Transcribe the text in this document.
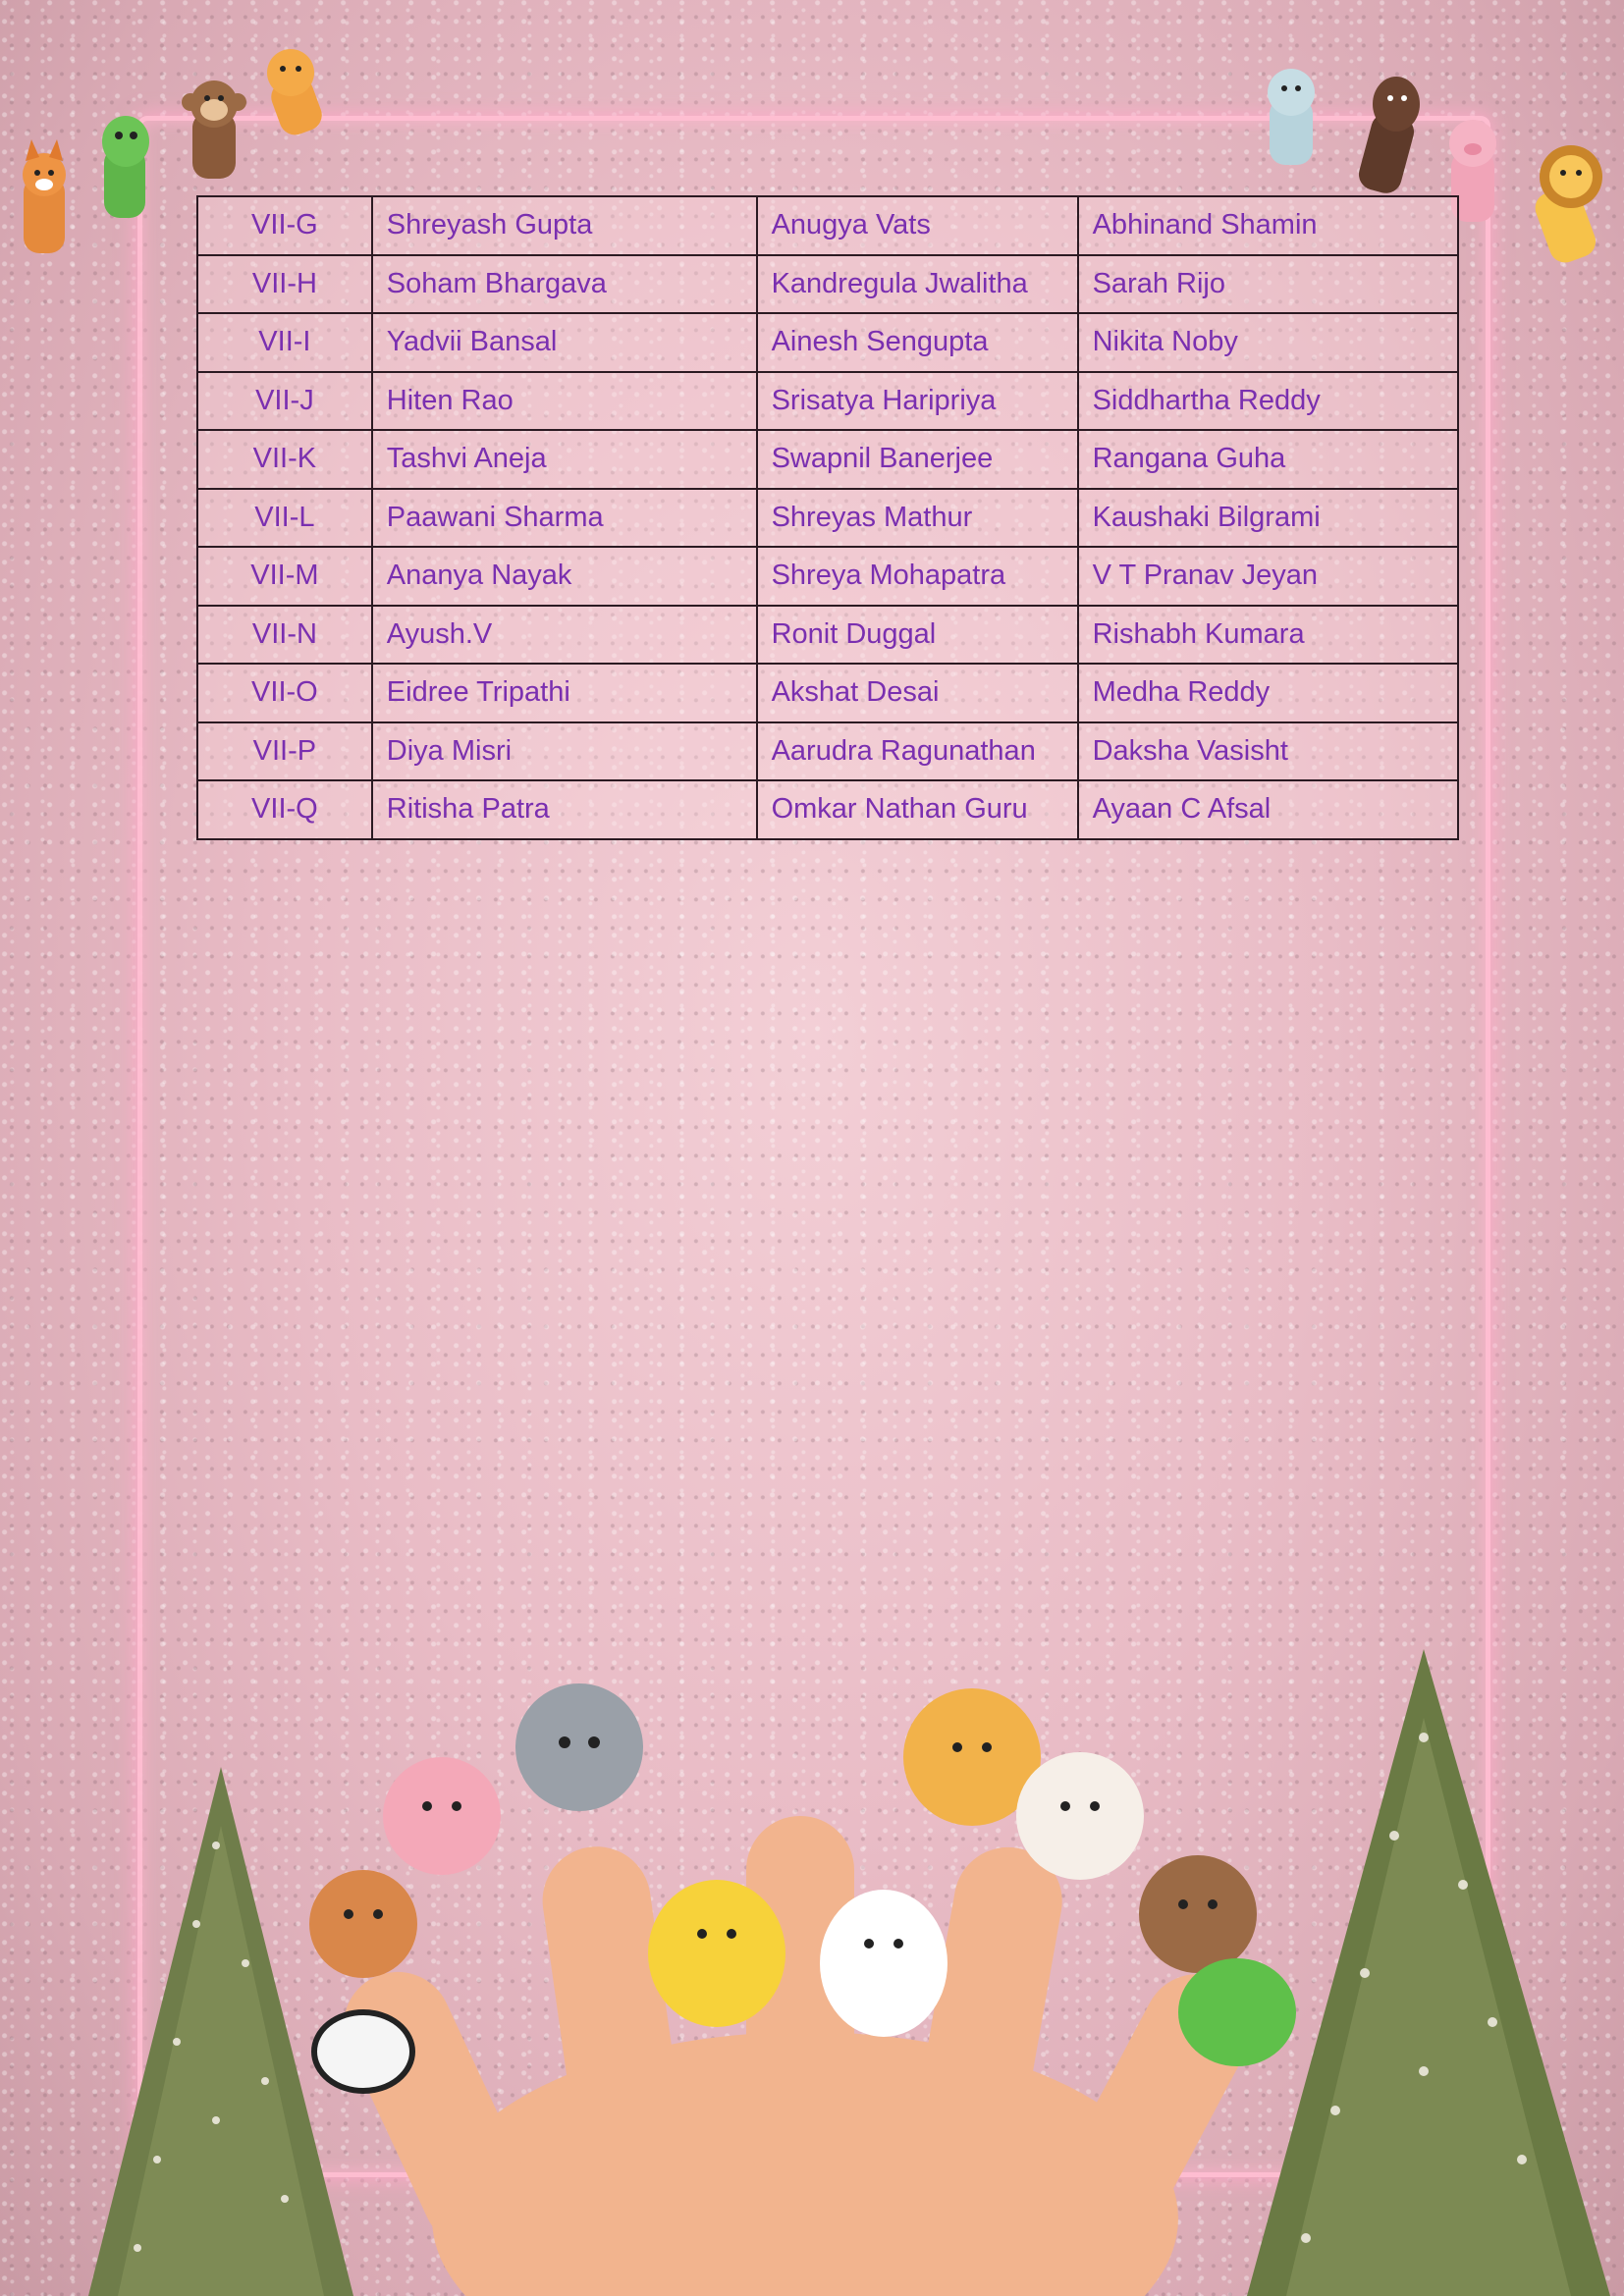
VII-G	Shreyash Gupta	Anugya Vats	Abhinand Shamin
VII-H	Soham Bhargava	Kandregula Jwalitha	Sarah Rijo
VII-I	Yadvii Bansal	Ainesh Sengupta	Nikita Noby
VII-J	Hiten Rao	Srisatya Haripriya	Siddhartha Reddy
VII-K	Tashvi Aneja	Swapnil Banerjee	Rangana Guha
VII-L	Paawani Sharma	Shreyas Mathur	Kaushaki Bilgrami
VII-M	Ananya Nayak	Shreya Mohapatra	V T Pranav Jeyan
VII-N	Ayush.V	Ronit Duggal	Rishabh Kumara
VII-O	Eidree Tripathi	Akshat Desai	Medha Reddy
VII-P	Diya Misri	Aarudra Ragunathan	Daksha Vasisht
VII-Q	Ritisha Patra	Omkar Nathan Guru	Ayaan C Afsal
